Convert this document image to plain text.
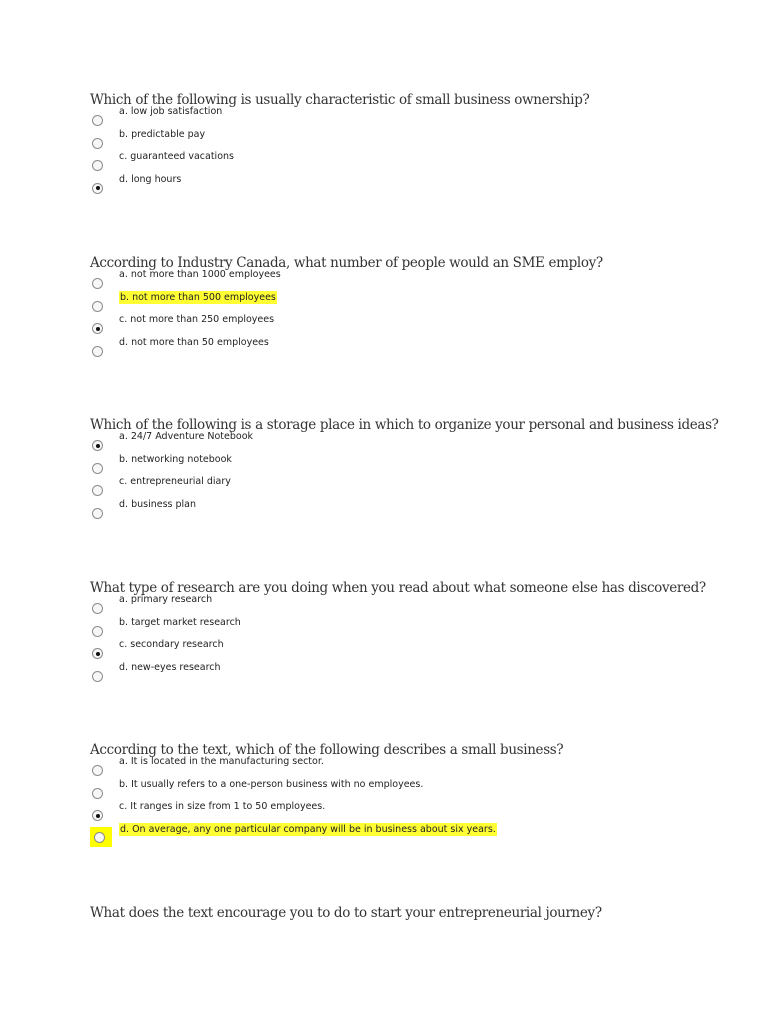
Which of the following is usually characteristic of small business ownership?
a. low job satisfaction
b. predictable pay
c. guaranteed vacations
d. long hours
According to Industry Canada, what number of people would an SME employ?
a. not more than 1000 employees
b. not more than 500 employees
c. not more than 250 employees
d. not more than 50 employees
Which of the following is a storage place in which to organize your personal and business ideas?
a. 24/7 Adventure Notebook
b. networking notebook
c. entrepreneurial diary
d. business plan
What type of research are you doing when you read about what someone else has discovered?
a. primary research
b. target market research
c. secondary research
d. new-eyes research
According to the text, which of the following describes a small business?
a. It is located in the manufacturing sector.
b. It usually refers to a one-person business with no employees.
c. It ranges in size from 1 to 50 employees.
d. On average, any one particular company will be in business about six years.
What does the text encourage you to do to start your entrepreneurial journey?
